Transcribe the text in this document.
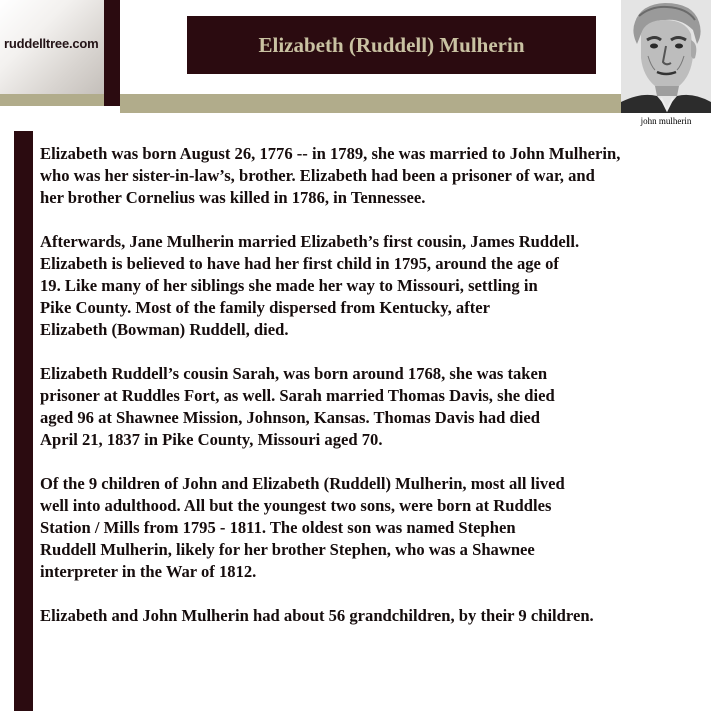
ruddelltree.com	Elizabeth (Ruddell) Mulherin
john mulherin

Elizabeth was born August 26, 1776 -- in 1789, she was married to John Mulherin,
who was her sister-in-law’s, brother. Elizabeth had been a prisoner of war, and
her brother Cornelius was killed in 1786, in Tennessee.

Afterwards, Jane Mulherin married Elizabeth’s first cousin, James Ruddell.
Elizabeth is believed to have had her first child in 1795, around the age of
19. Like many of her siblings she made her way to Missouri, settling in
Pike County. Most of the family dispersed from Kentucky, after
Elizabeth (Bowman) Ruddell, died.

Elizabeth Ruddell’s cousin Sarah, was born around 1768, she was taken
prisoner at Ruddles Fort, as well. Sarah married Thomas Davis, she died
aged 96 at Shawnee Mission, Johnson, Kansas. Thomas Davis had died
April 21, 1837 in Pike County, Missouri aged 70.

Of the 9 children of John and Elizabeth (Ruddell) Mulherin, most all lived
well into adulthood. All but the youngest two sons, were born at Ruddles
Station / Mills from 1795 - 1811. The oldest son was named Stephen
Ruddell Mulherin, likely for her brother Stephen, who was a Shawnee
interpreter in the War of 1812.

Elizabeth and John Mulherin had about 56 grandchildren, by their 9 children.
